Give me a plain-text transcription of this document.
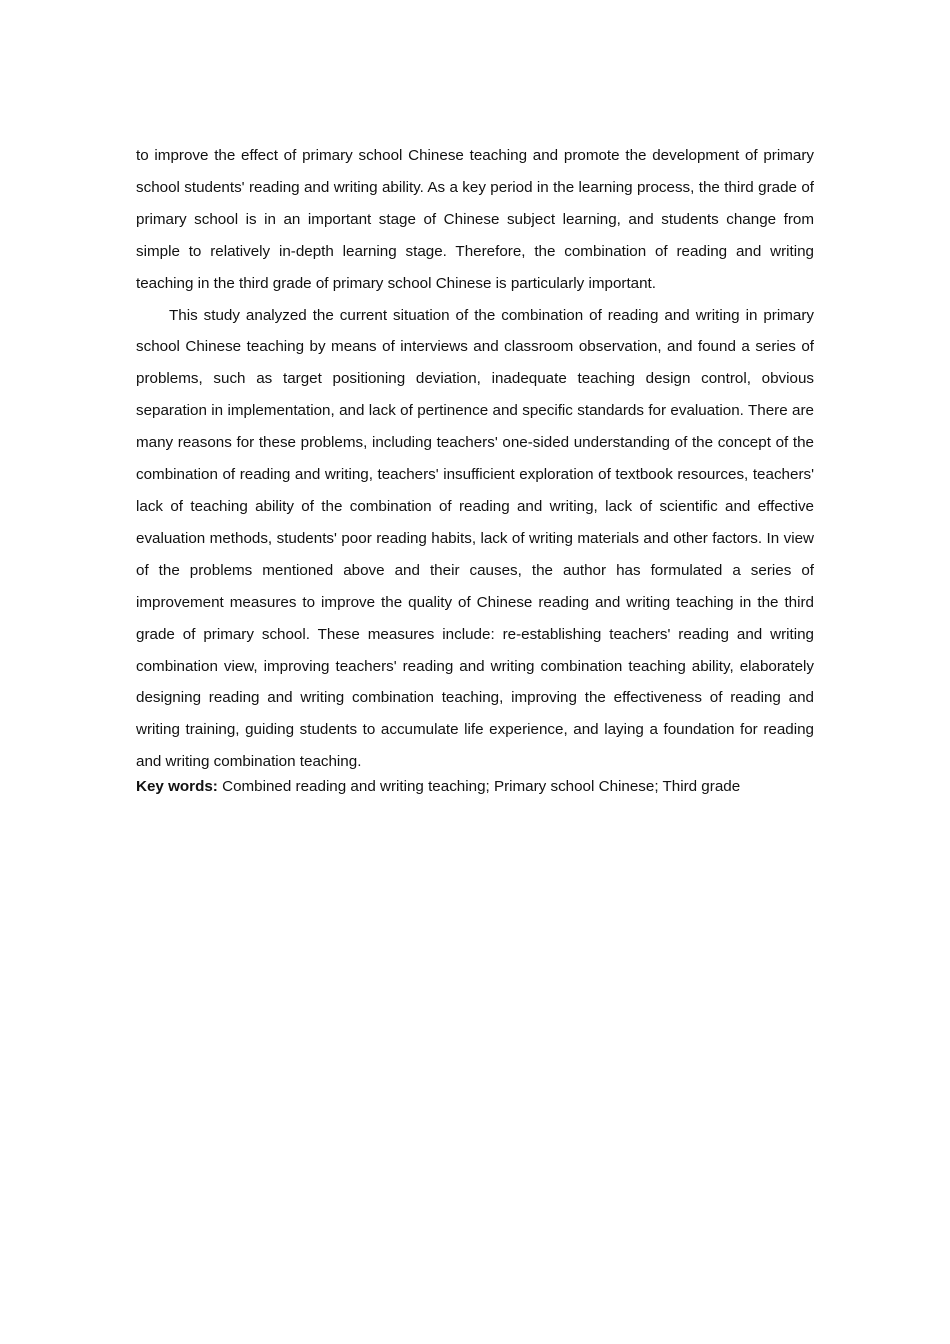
to improve the effect of primary school Chinese teaching and promote the development of primary school students' reading and writing ability. As a key period in the learning process, the third grade of primary school is in an important stage of Chinese subject learning, and students change from simple to relatively in-depth learning stage. Therefore, the combination of reading and writing teaching in the third grade of primary school Chinese is particularly important.

This study analyzed the current situation of the combination of reading and writing in primary school Chinese teaching by means of interviews and classroom observation, and found a series of problems, such as target positioning deviation, inadequate teaching design control, obvious separation in implementation, and lack of pertinence and specific standards for evaluation. There are many reasons for these problems, including teachers' one-sided understanding of the concept of the combination of reading and writing, teachers' insufficient exploration of textbook resources, teachers' lack of teaching ability of the combination of reading and writing, lack of scientific and effective evaluation methods, students' poor reading habits, lack of writing materials and other factors. In view of the problems mentioned above and their causes, the author has formulated a series of improvement measures to improve the quality of Chinese reading and writing teaching in the third grade of primary school. These measures include: re-establishing teachers' reading and writing combination view, improving teachers' reading and writing combination teaching ability, elaborately designing reading and writing combination teaching, improving the effectiveness of reading and writing training, guiding students to accumulate life experience, and laying a foundation for reading and writing combination teaching.

Key words: Combined reading and writing teaching; Primary school Chinese; Third grade
